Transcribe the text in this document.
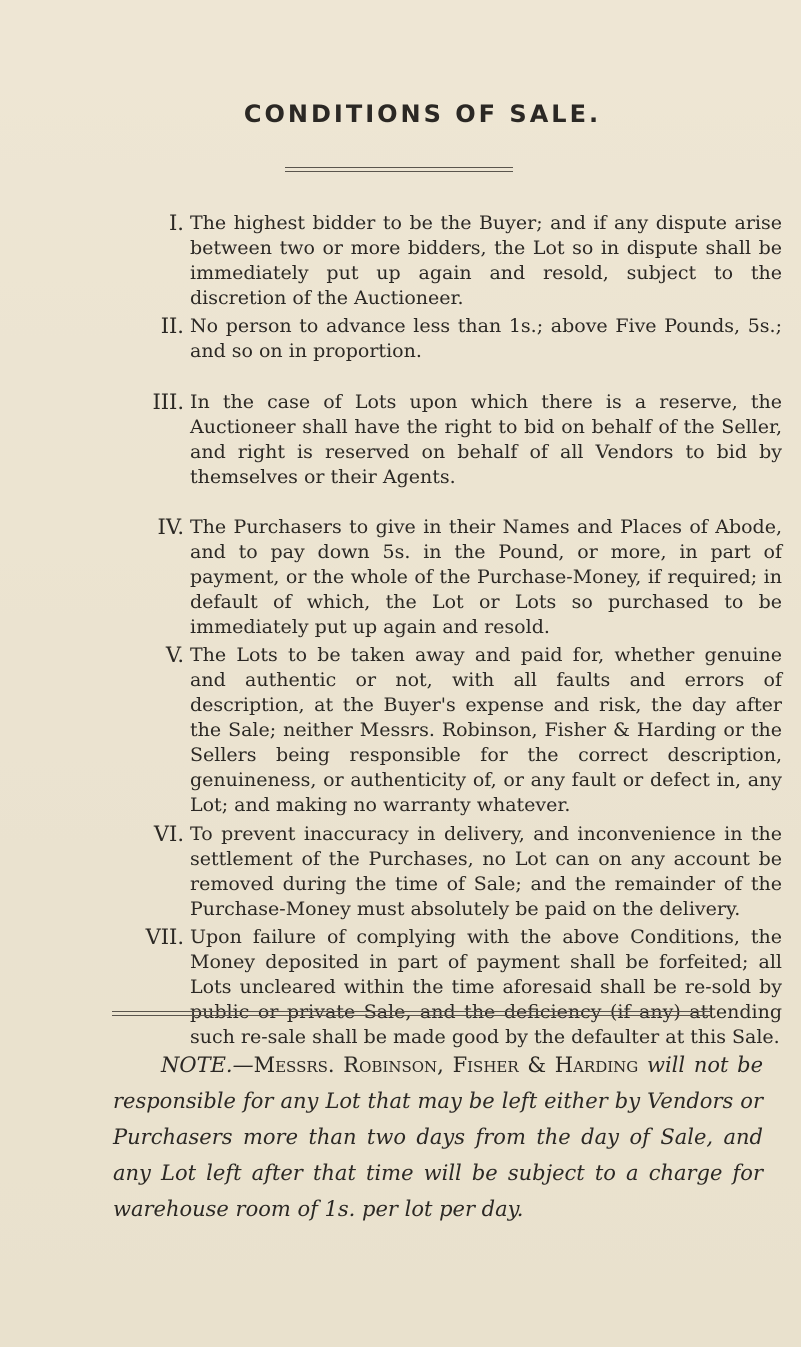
CONDITIONS OF SALE.
I. The highest bidder to be the Buyer; and if any dispute arise between two or more bidders, the Lot so in dispute shall be immediately put up again and resold, subject to the discretion of the Auctioneer.
II. No person to advance less than 1s.; above Five Pounds, 5s.; and so on in proportion.
III. In the case of Lots upon which there is a reserve, the Auctioneer shall have the right to bid on behalf of the Seller, and right is reserved on behalf of all Vendors to bid by themselves or their Agents.
IV. The Purchasers to give in their Names and Places of Abode, and to pay down 5s. in the Pound, or more, in part of payment, or the whole of the Purchase-Money, if required; in default of which, the Lot or Lots so purchased to be immediately put up again and resold.
V. The Lots to be taken away and paid for, whether genuine and authentic or not, with all faults and errors of description, at the Buyer's expense and risk, the day after the Sale; neither Messrs. Robinson, Fisher & Harding or the Sellers being responsible for the correct description, genuineness, or authenticity of, or any fault or defect in, any Lot; and making no warranty whatever.
VI. To prevent inaccuracy in delivery, and inconvenience in the settlement of the Purchases, no Lot can on any account be removed during the time of Sale; and the remainder of the Purchase-Money must absolutely be paid on the delivery.
VII. Upon failure of complying with the above Conditions, the Money deposited in part of payment shall be forfeited; all Lots uncleared within the time aforesaid shall be re-sold by public or private Sale, and the deficiency (if any) attending such re-sale shall be made good by the defaulter at this Sale.
NOTE.—Messrs. Robinson, Fisher & Harding will not be responsible for any Lot that may be left either by Vendors or Purchasers more than two days from the day of Sale, and any Lot left after that time will be subject to a charge for warehouse room of 1s. per lot per day.
